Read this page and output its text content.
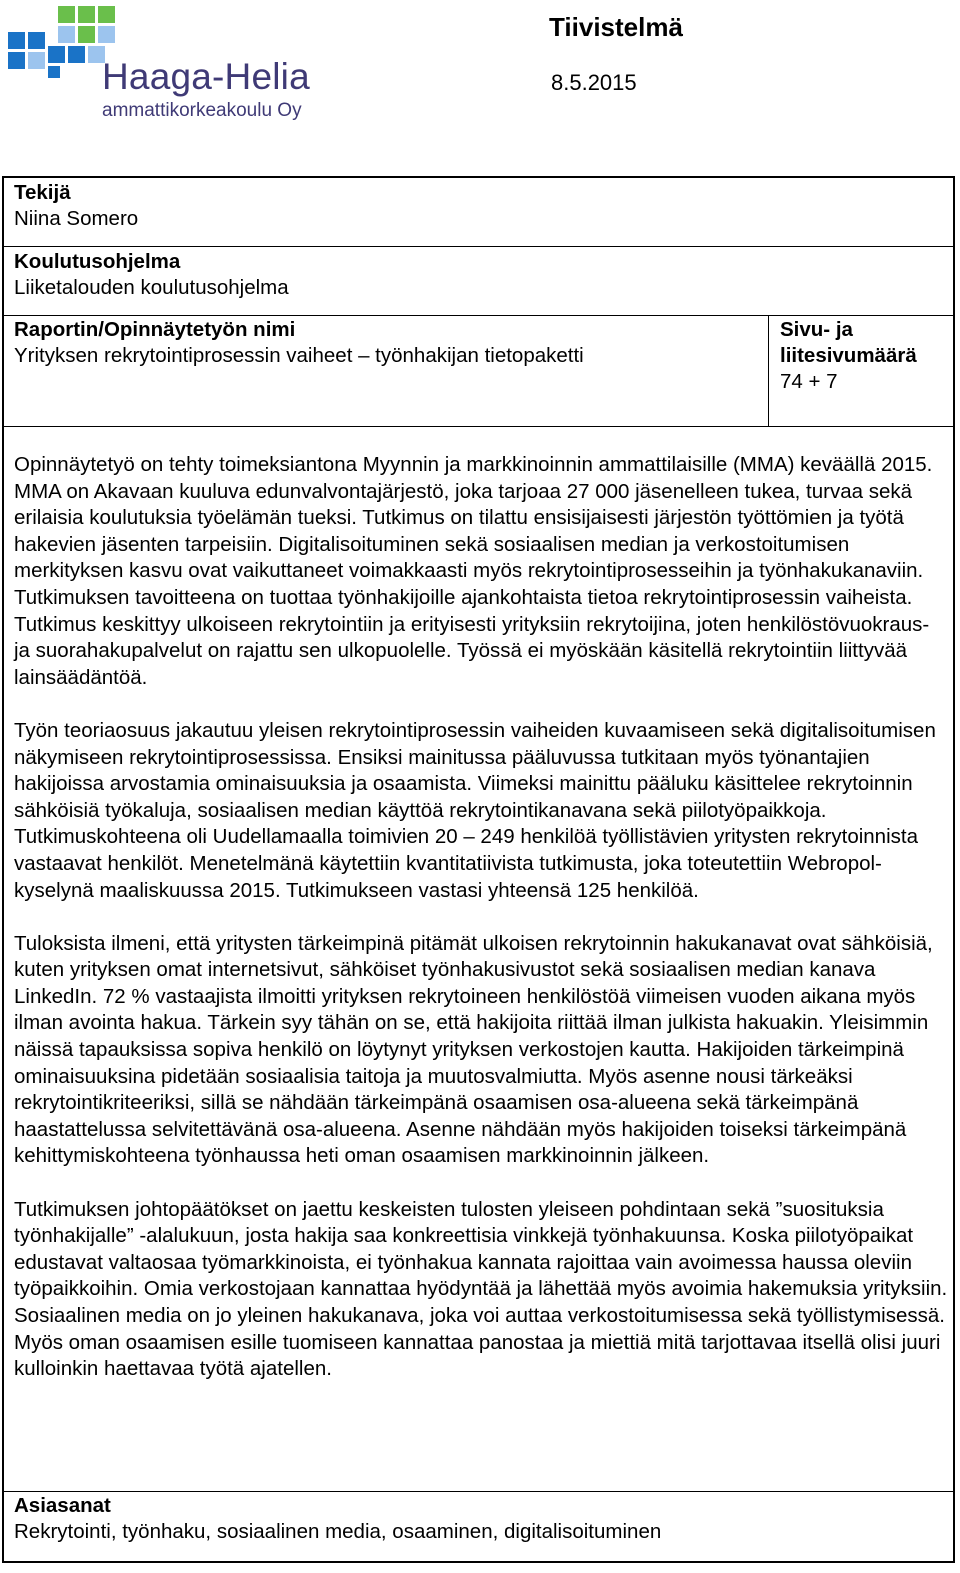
Haaga-Helia
ammattikorkeakoulu Oy
Tiivistelmä
8.5.2015
Tekijä
Niina Somero
Koulutusohjelma
Liiketalouden koulutusohjelma
Raportin/Opinnäytetyön nimi
Yrityksen rekrytointiprosessin vaiheet – työnhakijan tietopaketti
Sivu- ja
liitesivumäärä
74 + 7

Opinnäytetyö on tehty toimeksiantona Myynnin ja markkinoinnin ammattilaisille (MMA) keväällä 2015. MMA on Akavaan kuuluva edunvalvontajärjestö, joka tarjoaa 27 000 jäsenelleen tukea, turvaa sekä erilaisia koulutuksia työelämän tueksi. Tutkimus on tilattu ensisijaisesti järjestön työttömien ja työtä hakevien jäsenten tarpeisiin. Digitalisoituminen sekä sosiaalisen median ja verkostoitumisen merkityksen kasvu ovat vaikuttaneet voimakkaasti myös rekrytointiprosesseihin ja työnhakukanaviin. Tutkimuksen tavoitteena on tuottaa työnhakijoille ajankohtaista tietoa rekrytointiprosessin vaiheista. Tutkimus keskittyy ulkoiseen rekrytointiin ja erityisesti yrityksiin rekrytoijina, joten henkilöstövuokraus- ja suorahakupalvelut on rajattu sen ulkopuolelle. Työssä ei myöskään käsitellä rekrytointiin liittyvää lainsäädäntöä.

Työn teoriaosuus jakautuu yleisen rekrytointiprosessin vaiheiden kuvaamiseen sekä digitalisoitumisen näkymiseen rekrytointiprosessissa. Ensiksi mainitussa pääluvussa tutkitaan myös työnantajien hakijoissa arvostamia ominaisuuksia ja osaamista. Viimeksi mainittu pääluku käsittelee rekrytoinnin sähköisiä työkaluja, sosiaalisen median käyttöä rekrytointikanavana sekä piilotyöpaikkoja. Tutkimuskohteena oli Uudellamaalla toimivien 20 – 249 henkilöä työllistävien yritysten rekrytoinnista vastaavat henkilöt. Menetelmänä käytettiin kvantitatiivista tutkimusta, joka toteutettiin Webropol-kyselynä maaliskuussa 2015. Tutkimukseen vastasi yhteensä 125 henkilöä.

Tuloksista ilmeni, että yritysten tärkeimpinä pitämät ulkoisen rekrytoinnin hakukanavat ovat sähköisiä, kuten yrityksen omat internetsivut, sähköiset työnhakusivustot sekä sosiaalisen median kanava LinkedIn. 72 % vastaajista ilmoitti yrityksen rekrytoineen henkilöstöä viimeisen vuoden aikana myös ilman avointa hakua. Tärkein syy tähän on se, että hakijoita riittää ilman julkista hakuakin. Yleisimmin näissä tapauksissa sopiva henkilö on löytynyt yrityksen verkostojen kautta. Hakijoiden tärkeimpinä ominaisuuksina pidetään sosiaalisia taitoja ja muutosvalmiutta. Myös asenne nousi tärkeäksi rekrytointikriteeriksi, sillä se nähdään tärkeimpänä osaamisen osa-alueena sekä tärkeimpänä haastattelussa selvitettävänä osa-alueena. Asenne nähdään myös hakijoiden toiseksi tärkeimpänä kehittymiskohteena työnhaussa heti oman osaamisen markkinoinnin jälkeen.

Tutkimuksen johtopäätökset on jaettu keskeisten tulosten yleiseen pohdintaan sekä ”suosituksia työnhakijalle” -alalukuun, josta hakija saa konkreettisia vinkkejä työnhakuunsa. Koska piilotyöpaikat edustavat valtaosaa työmarkkinoista, ei työnhakua kannata rajoittaa vain avoimessa haussa oleviin työpaikkoihin. Omia verkostojaan kannattaa hyödyntää ja lähettää myös avoimia hakemuksia yrityksiin. Sosiaalinen media on jo yleinen hakukanava, joka voi auttaa verkostoitumisessa sekä työllistymisessä. Myös oman osaamisen esille tuomiseen kannattaa panostaa ja miettiä mitä tarjottavaa itsellä olisi juuri kulloinkin haettavaa työtä ajatellen.

Asiasanat
Rekrytointi, työnhaku, sosiaalinen media, osaaminen, digitalisoituminen
